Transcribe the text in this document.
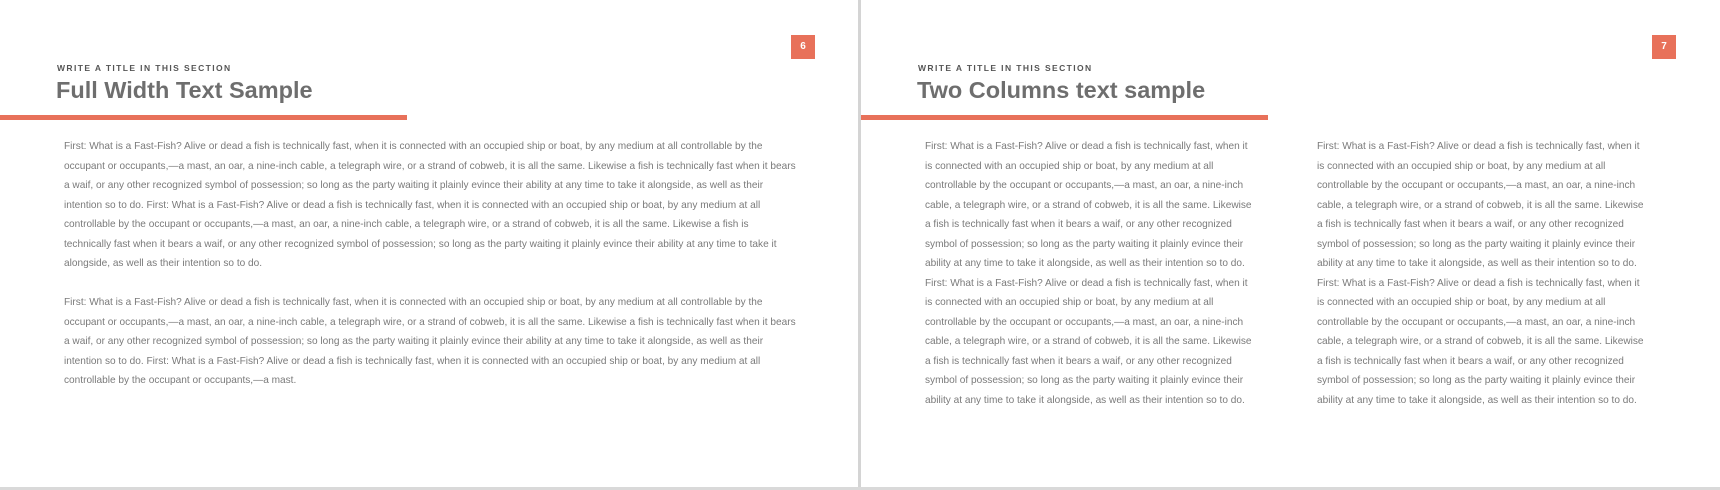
6
WRITE A TITLE IN THIS SECTION
Full Width Text Sample

First: What is a Fast-Fish? Alive or dead a fish is technically fast, when it is connected with an occupied ship or boat, by any medium at all controllable by the occupant or occupants,—a mast, an oar, a nine-inch cable, a telegraph wire, or a strand of cobweb, it is all the same. Likewise a fish is technically fast when it bears a waif, or any other recognized symbol of possession; so long as the party waiting it plainly evince their ability at any time to take it alongside, as well as their intention so to do. First: What is a Fast-Fish? Alive or dead a fish is technically fast, when it is connected with an occupied ship or boat, by any medium at all controllable by the occupant or occupants,—a mast, an oar, a nine-inch cable, a telegraph wire, or a strand of cobweb, it is all the same. Likewise a fish is technically fast when it bears a waif, or any other recognized symbol of possession; so long as the party waiting it plainly evince their ability at any time to take it alongside, as well as their intention so to do.

First: What is a Fast-Fish? Alive or dead a fish is technically fast, when it is connected with an occupied ship or boat, by any medium at all controllable by the occupant or occupants,—a mast, an oar, a nine-inch cable, a telegraph wire, or a strand of cobweb, it is all the same. Likewise a fish is technically fast when it bears a waif, or any other recognized symbol of possession; so long as the party waiting it plainly evince their ability at any time to take it alongside, as well as their intention so to do. First: What is a Fast-Fish? Alive or dead a fish is technically fast, when it is connected with an occupied ship or boat, by any medium at all controllable by the occupant or occupants,—a mast.

7
WRITE A TITLE IN THIS SECTION
Two Columns text sample

First: What is a Fast-Fish? Alive or dead a fish is technically fast, when it is connected with an occupied ship or boat, by any medium at all controllable by the occupant or occupants,—a mast, an oar, a nine-inch cable, a telegraph wire, or a strand of cobweb, it is all the same. Likewise a fish is technically fast when it bears a waif, or any other recognized symbol of possession; so long as the party waiting it plainly evince their ability at any time to take it alongside, as well as their intention so to do. First: What is a Fast-Fish? Alive or dead a fish is technically fast, when it is connected with an occupied ship or boat, by any medium at all controllable by the occupant or occupants,—a mast, an oar, a nine-inch cable, a telegraph wire, or a strand of cobweb, it is all the same. Likewise a fish is technically fast when it bears a waif, or any other recognized symbol of possession; so long as the party waiting it plainly evince their ability at any time to take it alongside, as well as their intention so to do.

First: What is a Fast-Fish? Alive or dead a fish is technically fast, when it is connected with an occupied ship or boat, by any medium at all controllable by the occupant or occupants,—a mast, an oar, a nine-inch cable, a telegraph wire, or a strand of cobweb, it is all the same. Likewise a fish is technically fast when it bears a waif, or any other recognized symbol of possession; so long as the party waiting it plainly evince their ability at any time to take it alongside, as well as their intention so to do. First: What is a Fast-Fish? Alive or dead a fish is technically fast, when it is connected with an occupied ship or boat, by any medium at all controllable by the occupant or occupants,—a mast, an oar, a nine-inch cable, a telegraph wire, or a strand of cobweb, it is all the same. Likewise a fish is technically fast when it bears a waif, or any other recognized symbol of possession; so long as the party waiting it plainly evince their ability at any time to take it alongside, as well as their intention so to do.
